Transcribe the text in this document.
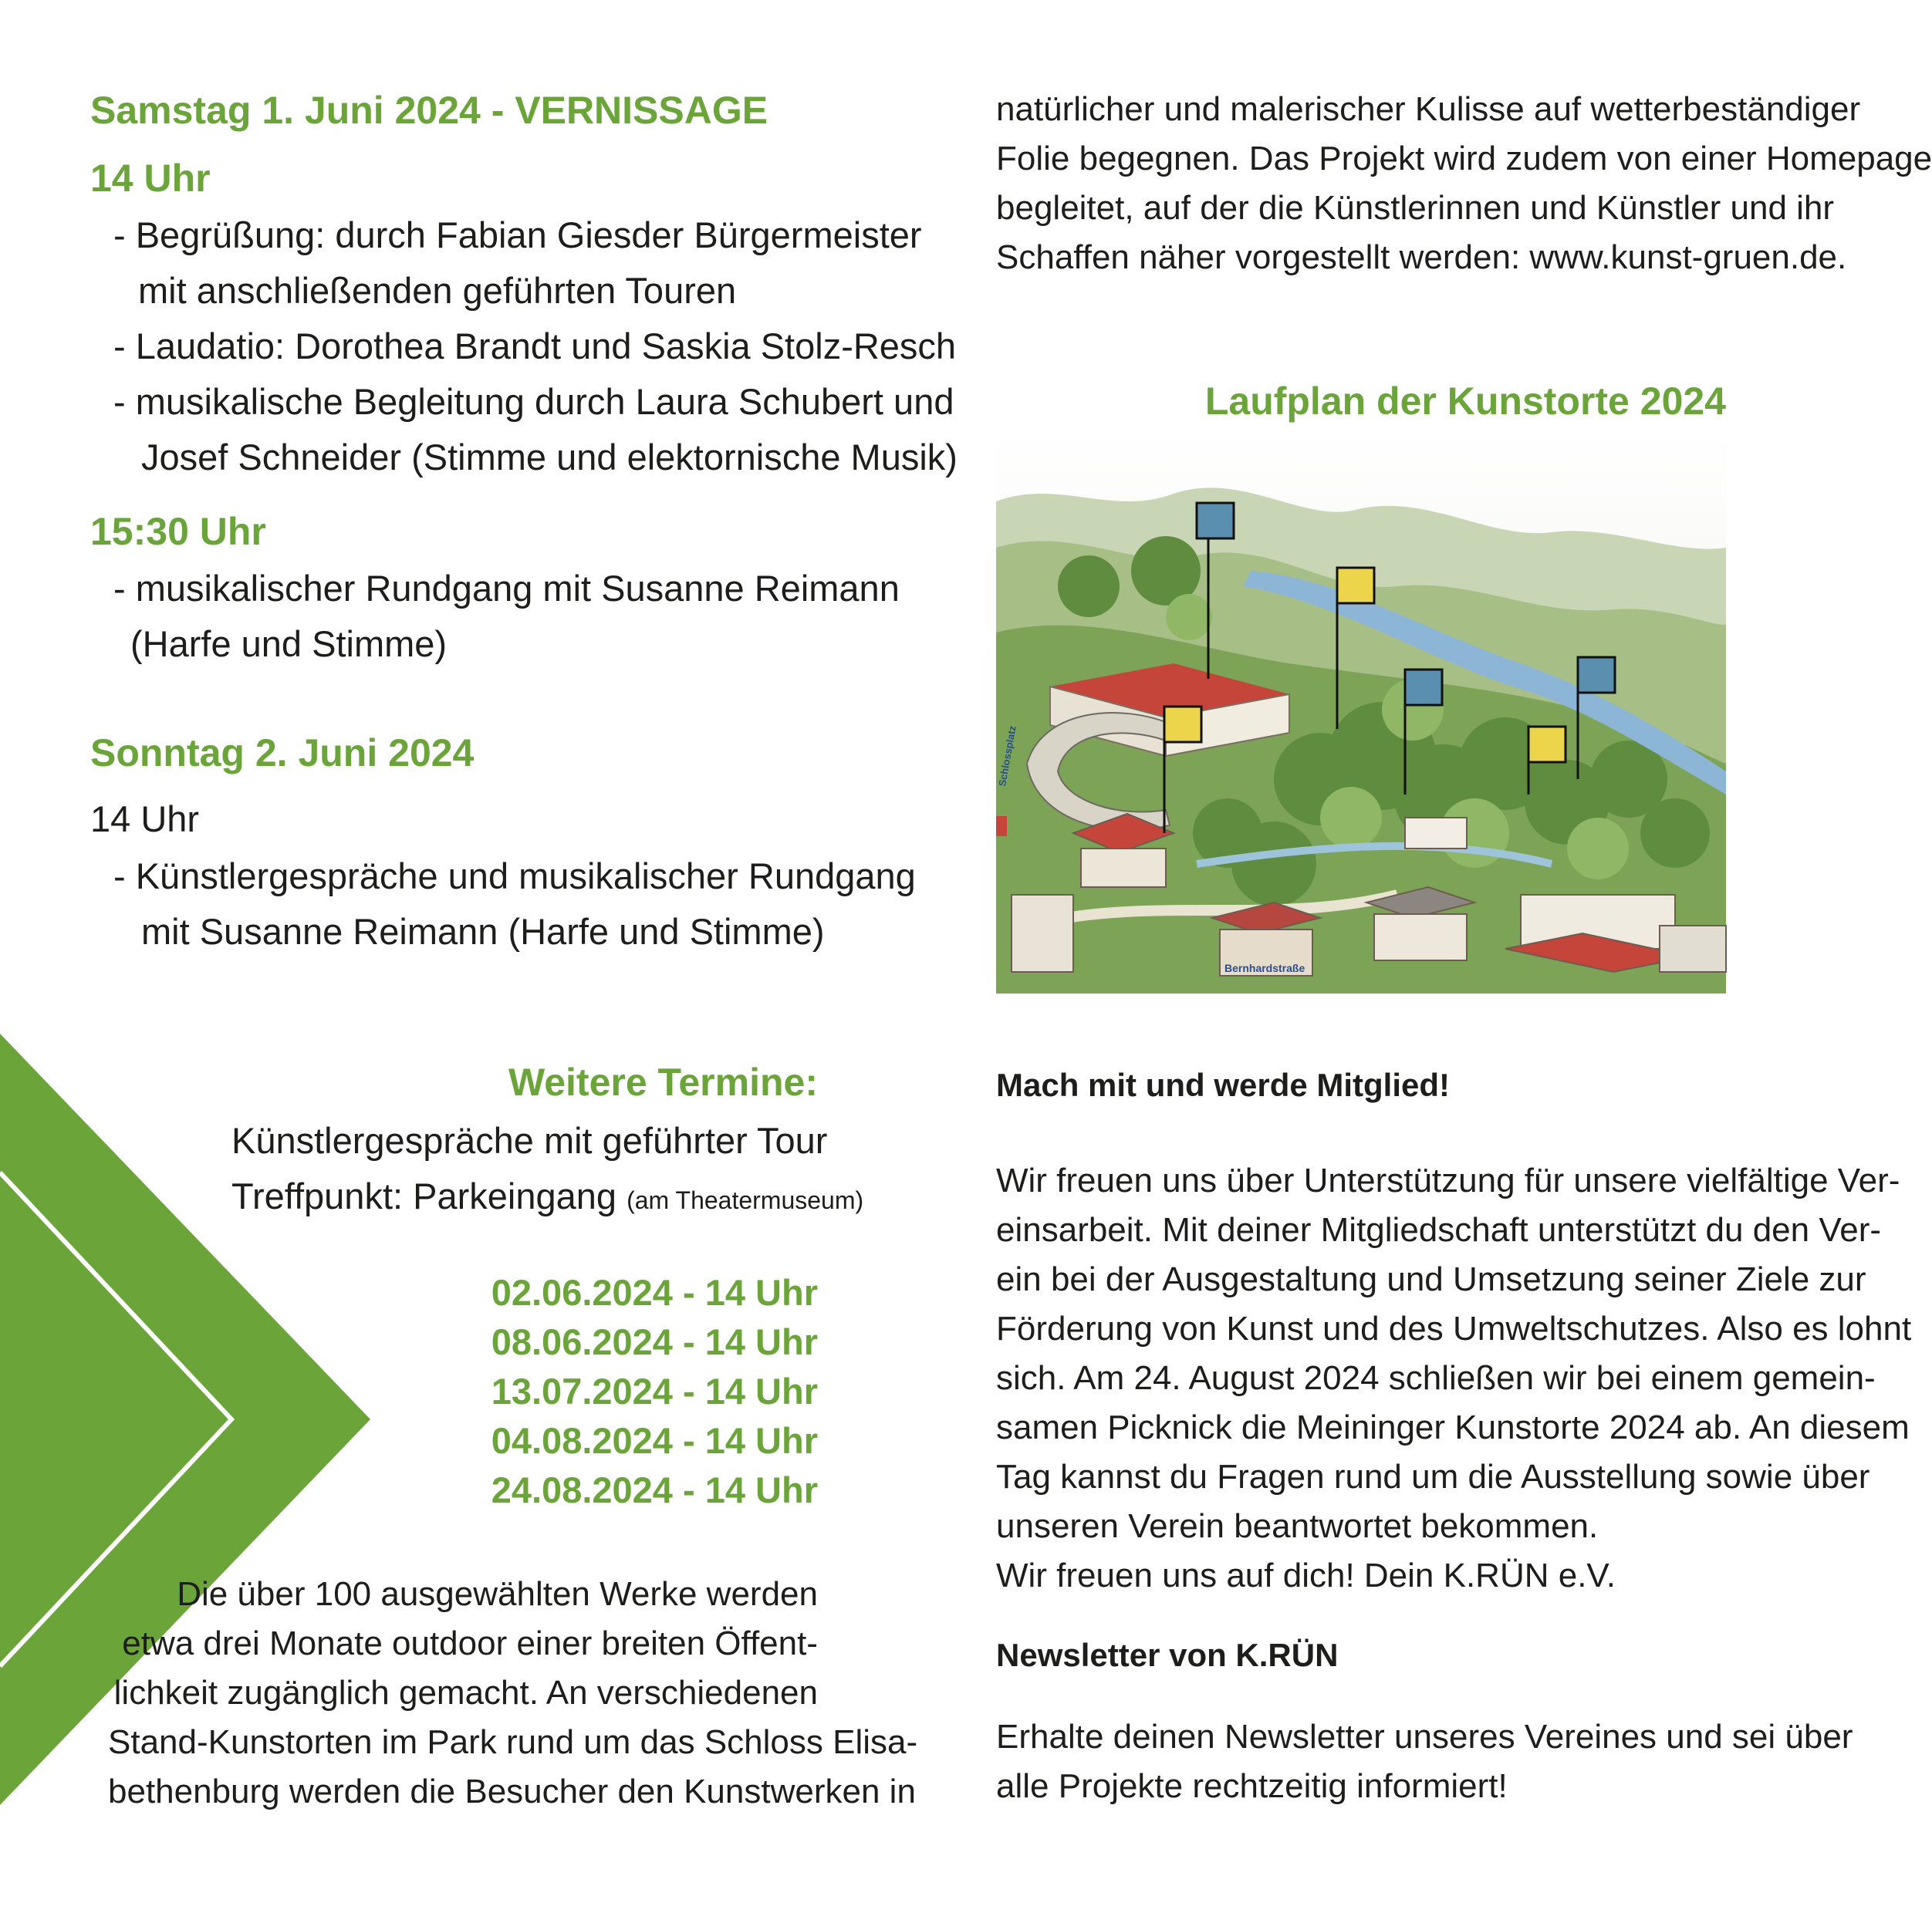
Samstag 1. Juni 2024 - VERNISSAGE
14 Uhr
- Begrüßung: durch Fabian Giesder Bürgermeister
mit anschließenden geführten Touren
- Laudatio: Dorothea Brandt und Saskia Stolz-Resch
- musikalische Begleitung durch Laura Schubert und
Josef Schneider (Stimme und elektornische Musik)
15:30 Uhr
- musikalischer Rundgang mit Susanne Reimann
(Harfe und Stimme)
Sonntag 2. Juni 2024
14 Uhr
- Künstlergespräche und musikalischer Rundgang
mit Susanne Reimann (Harfe und Stimme)
Weitere Termine:
Künstlergespräche mit geführter Tour
Treffpunkt: Parkeingang (am Theatermuseum)
02.06.2024 - 14 Uhr
08.06.2024 - 14 Uhr
13.07.2024 - 14 Uhr
04.08.2024 - 14 Uhr
24.08.2024 - 14 Uhr
Die über 100 ausgewählten Werke werden
etwa drei Monate outdoor einer breiten Öffent-
lichkeit zugänglich gemacht. An verschiedenen
Stand-Kunstorten im Park rund um das Schloss Elisa-
bethenburg werden die Besucher den Kunstwerken in
natürlicher und malerischer Kulisse auf wetterbeständiger
Folie begegnen. Das Projekt wird zudem von einer Homepage
begleitet, auf der die Künstlerinnen und Künstler und ihr
Schaffen näher vorgestellt werden: www.kunst-gruen.de.
Laufplan der Kunstorte 2024
Bernhardstraße
Schlossplatz
Mach mit und werde Mitglied!
Wir freuen uns über Unterstützung für unsere vielfältige Ver-
einsarbeit. Mit deiner Mitgliedschaft unterstützt du den Ver-
ein bei der Ausgestaltung und Umsetzung seiner Ziele zur
Förderung von Kunst und des Umweltschutzes. Also es lohnt
sich. Am 24. August 2024 schließen wir bei einem gemein-
samen Picknick die Meininger Kunstorte 2024 ab. An diesem
Tag kannst du Fragen rund um die Ausstellung sowie über
unseren Verein beantwortet bekommen.
Wir freuen uns auf dich! Dein K.RÜN e.V.
Newsletter von K.RÜN
Erhalte deinen Newsletter unseres Vereines und sei über
alle Projekte rechtzeitig informiert!
